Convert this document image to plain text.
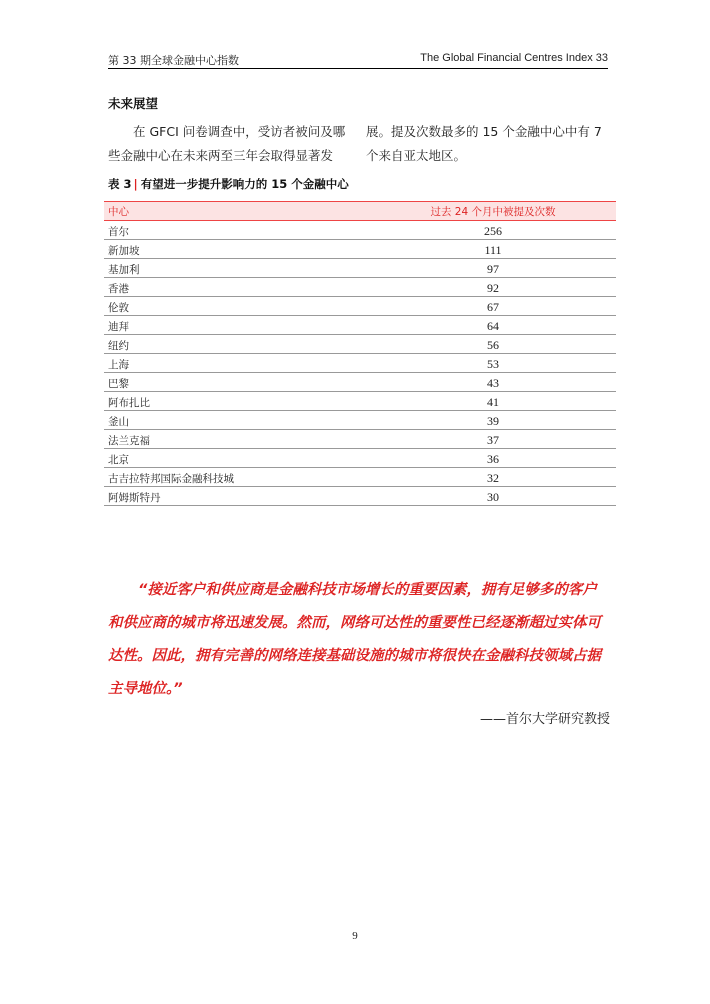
第 33 期全球金融中心指数	The Global Financial Centres Index 33
未来展望
在 GFCI 问卷调查中，受访者被问及哪些金融中心在未来两至三年会取得显著发
展。提及次数最多的 15 个金融中心中有 7 个来自亚太地区。
表 3 | 有望进一步提升影响力的 15 个金融中心
中心	过去 24 个月中被提及次数
首尔	256
新加坡	111
基加利	97
香港	92
伦敦	67
迪拜	64
纽约	56
上海	53
巴黎	43
阿布扎比	41
釜山	39
法兰克福	37
北京	36
古吉拉特邦国际金融科技城	32
阿姆斯特丹	30
“接近客户和供应商是金融科技市场增长的重要因素，拥有足够多的客户和供应商的城市将迅速发展。然而，网络可达性的重要性已经逐渐超过实体可达性。因此，拥有完善的网络连接基础设施的城市将很快在金融科技领域占据主导地位。”
——首尔大学研究教授
9
